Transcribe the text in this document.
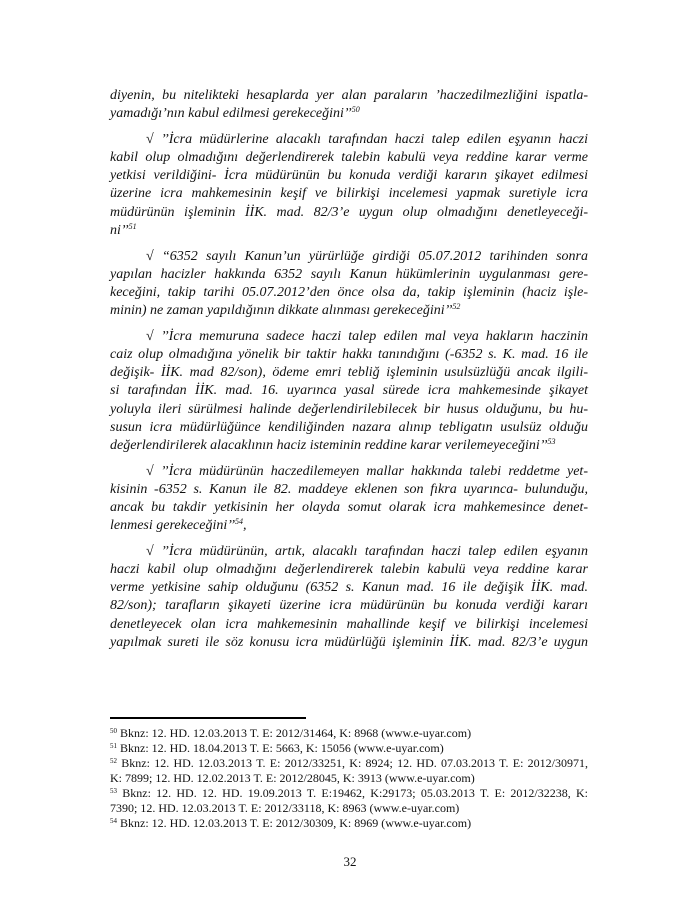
diyenin, bu nitelikteki hesaplarda yer alan paraların ’haczedilmezliğini ispatla-
yamadığı’nın kabul edilmesi gerekeceğini’’$^{50}$
√ ’’İcra müdürlerine alacaklı tarafından haczi talep edilen eşyanın haczi
kabil olup olmadığını değerlendirerek talebin kabulü veya reddine karar verme
yetkisi verildiğini- İcra müdürünün bu konuda verdiği kararın şikayet edilmesi
üzerine icra mahkemesinin keşif ve bilirkişi incelemesi yapmak suretiyle icra
müdürünün işleminin İİK. mad. 82/3’e uygun olup olmadığını denetleyeceği-
ni’’$^{51}$
√ “6352 sayılı Kanun’un yürürlüğe girdiği 05.07.2012 tarihinden sonra
yapılan hacizler hakkında 6352 sayılı Kanun hükümlerinin uygulanması gere-
keceğini, takip tarihi 05.07.2012’den önce olsa da, takip işleminin (haciz işle-
minin) ne zaman yapıldığının dikkate alınması gerekeceğini’’$^{52}$
√ ’’İcra memuruna sadece haczi talep edilen mal veya hakların haczinin
caiz olup olmadığına yönelik bir taktir hakkı tanındığını (-6352 s. K. mad. 16 ile
değişik- İİK. mad 82/son), ödeme emri tebliğ işleminin usulsüzlüğü ancak ilgili-
si tarafından İİK. mad. 16. uyarınca yasal sürede icra mahkemesinde şikayet
yoluyla ileri sürülmesi halinde değerlendirilebilecek bir husus olduğunu, bu hu-
susun icra müdürlüğünce kendiliğinden nazara alınıp tebligatın usulsüz olduğu
değerlendirilerek alacaklının haciz isteminin reddine karar verilemeyeceğini’’$^{53}$
√ ’’İcra müdürünün haczedilemeyen mallar hakkında talebi reddetme yet-
kisinin -6352 s. Kanun ile 82. maddeye eklenen son fıkra uyarınca- bulunduğu,
ancak bu takdir yetkisinin her olayda somut olarak icra mahkemesince denet-
lenmesi gerekeceğini’’$^{54}$,
√ ’’İcra müdürünün, artık, alacaklı tarafından haczi talep edilen eşyanın
haczi kabil olup olmadığını değerlendirerek talebin kabulü veya reddine karar
verme yetkisine sahip olduğunu (6352 s. Kanun mad. 16 ile değişik İİK. mad.
82/son); tarafların şikayeti üzerine icra müdürünün bu konuda verdiği kararı
denetleyecek olan icra mahkemesinin mahallinde keşif ve bilirkişi incelemesi
yapılmak sureti ile söz konusu icra müdürlüğü işleminin İİK. mad. 82/3’e uygun
$^{50}$ Bknz: 12. HD. 12.03.2013 T. E: 2012/31464, K: 8968 (www.e-uyar.com)
$^{51}$ Bknz: 12. HD. 18.04.2013 T. E: 5663, K: 15056 (www.e-uyar.com)
$^{52}$ Bknz: 12. HD. 12.03.2013 T. E: 2012/33251, K: 8924; 12. HD. 07.03.2013 T. E: 2012/30971,
K: 7899; 12. HD. 12.02.2013 T. E: 2012/28045, K: 3913 (www.e-uyar.com)
$^{53}$ Bknz: 12. HD. 12. HD. 19.09.2013 T. E:19462, K:29173; 05.03.2013 T. E: 2012/32238, K:
7390; 12. HD. 12.03.2013 T. E: 2012/33118, K: 8963 (www.e-uyar.com)
$^{54}$ Bknz: 12. HD. 12.03.2013 T. E: 2012/30309, K: 8969 (www.e-uyar.com)
32
